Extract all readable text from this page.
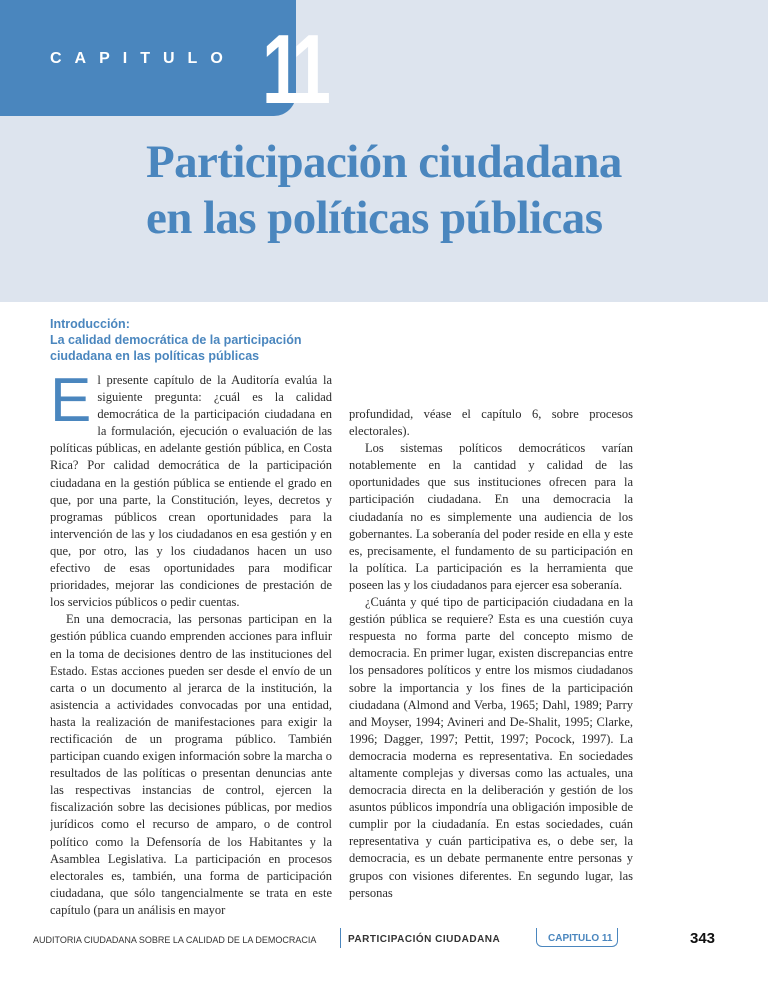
CAPITULO 11
Participación ciudadana
en las políticas públicas
Introducción:
La calidad democrática de la participación
ciudadana en las políticas públicas

El presente capítulo de la Auditoría evalúa la siguiente pregunta: ¿cuál es la calidad democrática de la participación ciudadana en la formulación, ejecución o evaluación de las políticas públicas, en adelante gestión pública, en Costa Rica? Por calidad democrática de la participación ciudadana en la gestión pública se entiende el grado en que, por una parte, la Constitución, leyes, decretos y programas públicos crean oportunidades para la intervención de las y los ciudadanos en esa gestión y en que, por otro, las y los ciudadanos hacen un uso efectivo de esas oportunidades para modificar prioridades, mejorar las condiciones de prestación de los servicios públicos o pedir cuentas.

En una democracia, las personas participan en la gestión pública cuando emprenden acciones para influir en la toma de decisiones dentro de las instituciones del Estado. Estas acciones pueden ser desde el envío de un carta o un documento al jerarca de la institución, la asistencia a actividades convocadas por una entidad, hasta la realización de manifestaciones para exigir la rectificación de un programa público. También participan cuando exigen información sobre la marcha o resultados de las políticas o presentan denuncias ante las respectivas instancias de control, ejercen la fiscalización sobre las decisiones públicas, por medios jurídicos como el recurso de amparo, o de control político como la Defensoría de los Habitantes y la Asamblea Legislativa. La participación en procesos electorales es, también, una forma de participación ciudadana, que sólo tangencialmente se trata en este capítulo (para un análisis en mayor

profundidad, véase el capítulo 6, sobre procesos electorales).

Los sistemas políticos democráticos varían notablemente en la cantidad y calidad de las oportunidades que sus instituciones ofrecen para la participación ciudadana. En una democracia la ciudadanía no es simplemente una audiencia de los gobernantes. La soberanía del poder reside en ella y este es, precisamente, el fundamento de su participación en la política. La participación es la herramienta que poseen las y los ciudadanos para ejercer esa soberanía.

¿Cuánta y qué tipo de participación ciudadana en la gestión pública se requiere? Esta es una cuestión cuya respuesta no forma parte del concepto mismo de democracia. En primer lugar, existen discrepancias entre los pensadores políticos y entre los mismos ciudadanos sobre la importancia y los fines de la participación ciudadana (Almond and Verba, 1965; Dahl, 1989; Parry and Moyser, 1994; Avineri and De-Shalit, 1995; Clarke, 1996; Dagger, 1997; Pettit, 1997; Pocock, 1997). La democracia moderna es representativa. En sociedades altamente complejas y diversas como las actuales, una democracia directa en la deliberación y gestión de los asuntos públicos impondría una obligación imposible de cumplir por la ciudadanía. En estas sociedades, cuán representativa y cuán participativa es, o debe ser, la democracia, es un debate permanente entre personas y grupos con visiones diferentes. En segundo lugar, las personas

AUDITORIA CIUDADANA SOBRE LA CALIDAD DE LA DEMOCRACIA	PARTICIPACIÓN CIUDADANA	CAPITULO 11	343
